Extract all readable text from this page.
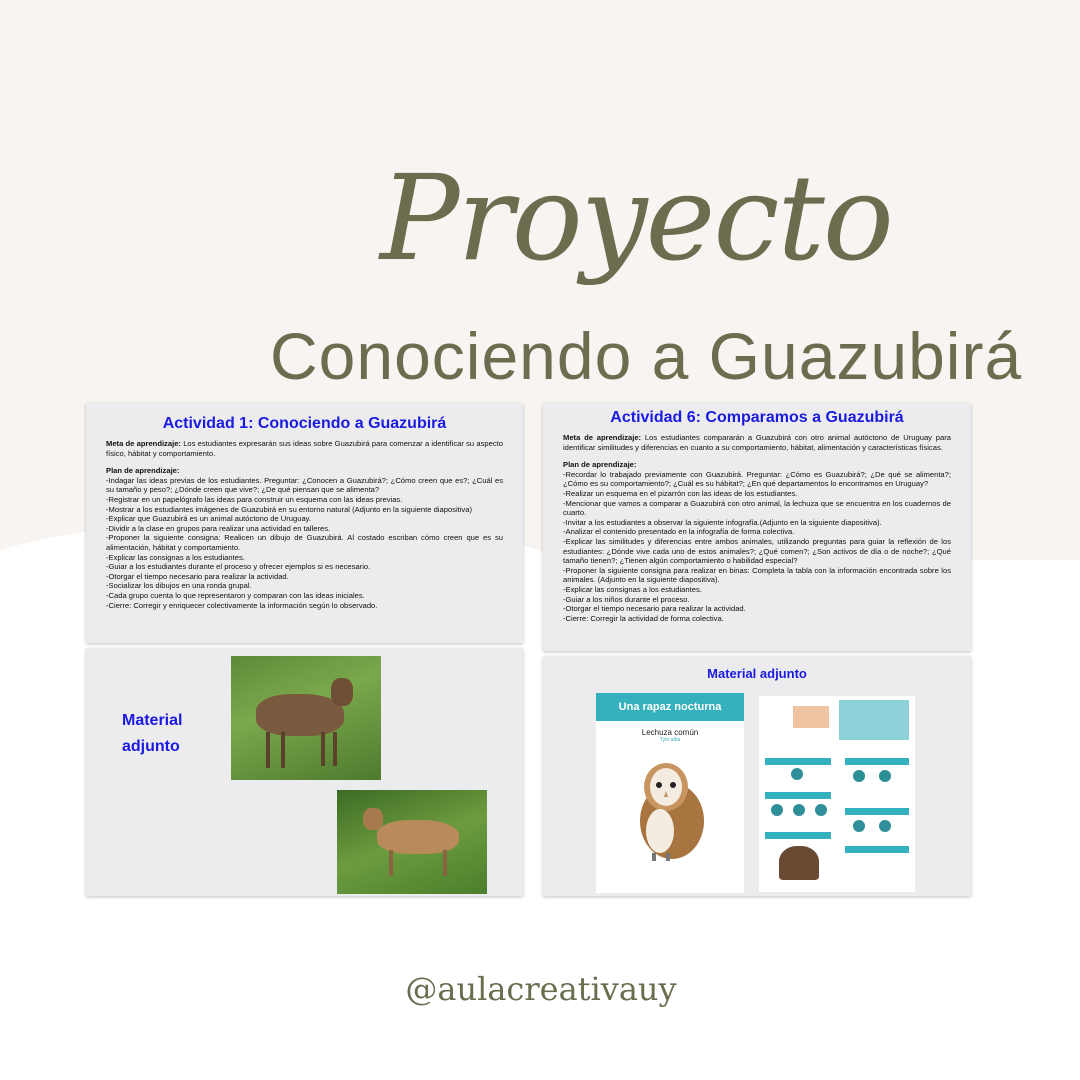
Proyecto
Conociendo a Guazubirá
Actividad 1: Conociendo a Guazubirá
Meta de aprendizaje: Los estudiantes expresarán sus ideas sobre Guazubirá para comenzar a identificar su aspecto físico, hábitat y comportamiento.
Plan de aprendizaje:
-Indagar las ideas previas de los estudiantes. Preguntar: ¿Conocen a Guazubirá?; ¿Cómo creen que es?; ¿Cuál es su tamaño y peso?; ¿Dónde creen que vive?; ¿De qué piensan que se alimenta?
-Registrar en un papelógrafo las ideas para construir un esquema con las ideas previas.
-Mostrar a los estudiantes imágenes de Guazubirá en su entorno natural (Adjunto en la siguiente diapositiva)
-Explicar que Guazubirá es un animal autóctono de Uruguay.
-Dividir a la clase en grupos para realizar una actividad en talleres.
-Proponer la siguiente consigna: Realicen un dibujo de Guazubirá. Al costado escriban cómo creen que es su alimentación, hábitat y comportamiento.
-Explicar las consignas a los estudiantes.
-Guiar a los estudiantes durante el proceso y ofrecer ejemplos si es necesario.
-Otorgar el tiempo necesario para realizar la actividad.
-Socializar los dibujos en una ronda grupal.
-Cada grupo cuenta lo que representaron y comparan con las ideas iniciales.
-Cierre: Corregir y enriquecer colectivamente la información según lo observado.
Actividad 6: Comparamos a Guazubirá
Meta de aprendizaje: Los estudiantes compararán a Guazubirá con otro animal autóctono de Uruguay para identificar similitudes y diferencias en cuanto a su comportamiento, hábitat, alimentación y características físicas.
Plan de aprendizaje:
-Recordar lo trabajado previamente con Guazubirá. Preguntar: ¿Cómo es Guazubirá?; ¿De qué se alimenta?; ¿Cómo es su comportamiento?; ¿Cuál es su hábitat?; ¿En qué departamentos lo encontramos en Uruguay?
-Realizar un esquema en el pizarrón con las ideas de los estudiantes.
-Mencionar que vamos a comparar a Guazubirá con otro animal, la lechuza que se encuentra en los cuadernos de cuarto.
-Invitar a los estudiantes a observar la siguiente infografía.(Adjunto en la siguiente diapositiva).
-Analizar el contenido presentado en la infografía de forma colectiva.
-Explicar las similitudes y diferencias entre ambos animales, utilizando preguntas para guiar la reflexión de los estudiantes: ¿Dónde vive cada uno de estos animales?; ¿Qué comen?; ¿Son activos de día o de noche?; ¿Qué tamaño tienen?; ¿Tienen algún comportamiento o habilidad especial?
-Proponer la siguiente consigna para realizar en binas: Completa la tabla con la información encontrada sobre los animales. (Adjunto en la siguiente diapositiva).
-Explicar las consignas a los estudiantes.
-Guiar a los niños durante el proceso.
-Otorgar el tiempo necesario para realizar la actividad.
-Cierre: Corregir la actividad de forma colectiva.
Material adjunto
Material adjunto
Una rapaz nocturna
Lechuza común
Tyto alba
@aulacreativauy
